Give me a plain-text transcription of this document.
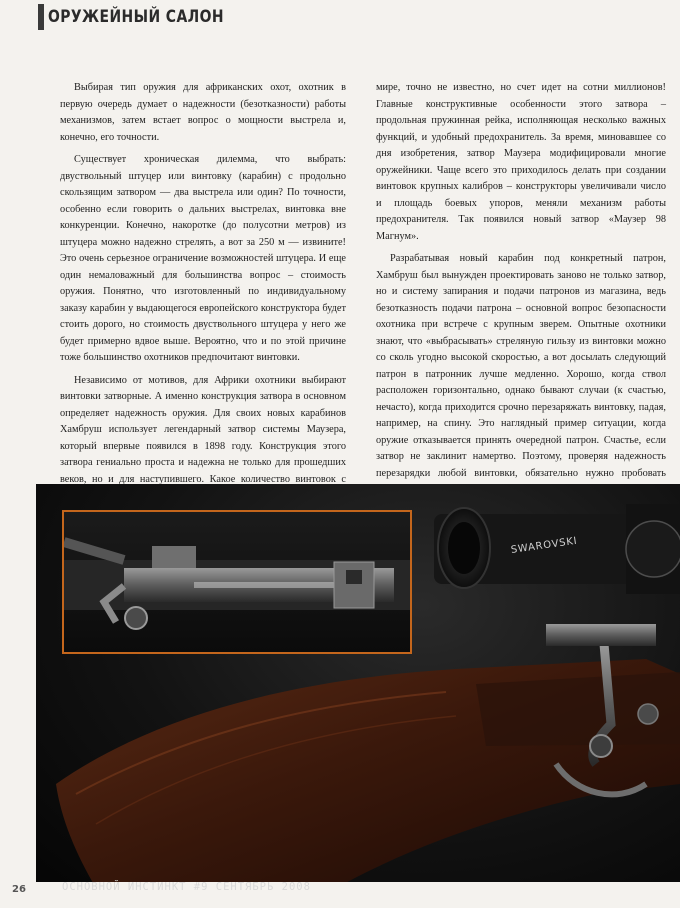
ОРУЖЕЙНЫЙ САЛОН

Выбирая тип оружия для африканских охот, охотник в первую очередь думает о надежности (безотказности) работы механизмов, затем встает вопрос о мощности выстрела и, конечно, его точности.

Существует хроническая дилемма, что выбрать: двуствольный штуцер или винтовку (карабин) с продольно скользящим затвором — два выстрела или один? По точности, особенно если говорить о дальних выстрелах, винтовка вне конкуренции. Конечно, накоротке (до полусотни метров) из штуцера можно надежно стрелять, а вот за 250 м — извините! Это очень серьезное ограничение возможностей штуцера. И еще один немаловажный для большинства вопрос – стоимость оружия. Понятно, что изготовленный по индивидуальному заказу карабин у выдающегося европейского конструктора будет стоить дорого, но стоимость двуствольного штуцера у него же будет примерно вдвое выше. Вероятно, что и по этой причине тоже большинство охотников предпочитают винтовки.

Независимо от мотивов, для Африки охотники выбирают винтовки затворные. А именно конструкция затвора в основном определяет надежность оружия. Для своих новых карабинов Хамбруш использует легендарный затвор системы Маузера, который впервые появился в 1898 году. Конструкция этого затвора гениально проста и надежна не только для прошедших веков, но и для наступившего. Какое количество винтовок с

мире, точно не известно, но счет идет на сотни миллионов! Главные конструктивные особенности этого затвора – продольная пружинная рейка, исполняющая несколько важных функций, и удобный предохранитель. За время, миновавшее со дня изобретения, затвор Маузера модифицировали многие оружейники. Чаще всего это приходилось делать при создании винтовок крупных калибров – конструкторы увеличивали число и площадь боевых упоров, меняли механизм работы предохранителя. Так появился новый затвор «Маузер 98 Магнум».

Разрабатывая новый карабин под конкретный патрон, Хамбруш был вынужден проектировать заново не только затвор, но и систему запирания и подачи патронов из магазина, ведь безотказность подачи патрона – основной вопрос безопасности охотника при встрече с крупным зверем. Опытные охотники знают, что «выбрасывать» стреляную гильзу из винтовки можно со сколь угодно высокой скоростью, а вот досылать следующий патрон в патронник лучше медленно. Хорошо, когда ствол расположен горизонтально, однако бывают случаи (к счастью, нечасто), когда приходится срочно перезаряжать винтовку, падая, например, на спину. Это наглядный пример ситуации, когда оружие отказывается принять очередной патрон. Счастье, если затвор не заклинит намертво. Поэтому, проверяя надежность перезарядки любой винтовки, обязательно нужно пробовать

SWAROVSKI
26	ОСНОВНОЙ ИНСТИНКТ #9 СЕНТЯБРЬ 2008
